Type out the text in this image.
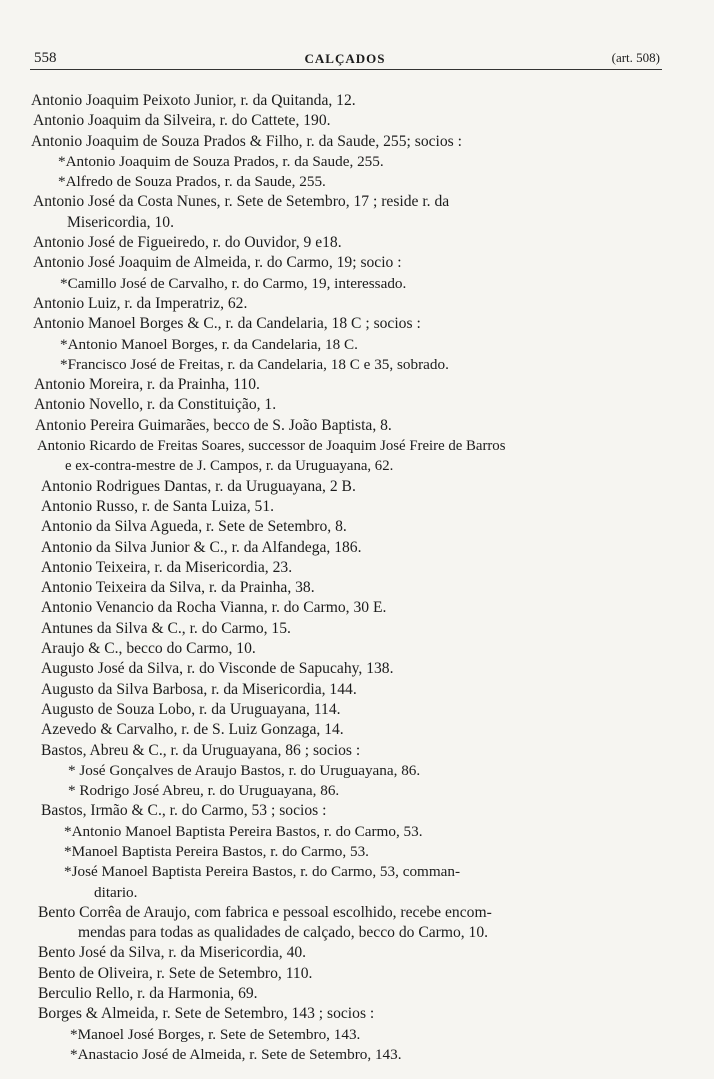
558	CALÇADOS	(art. 508)
Antonio Joaquim Peixoto Junior, r. da Quitanda, 12.
Antonio Joaquim da Silveira, r. do Cattete, 190.
Antonio Joaquim de Souza Prados & Filho, r. da Saude, 255; socios :
*Antonio Joaquim de Souza Prados, r. da Saude, 255.
*Alfredo de Souza Prados, r. da Saude, 255.
Antonio José da Costa Nunes, r. Sete de Setembro, 17 ; reside r. da
Misericordia, 10.
Antonio José de Figueiredo, r. do Ouvidor, 9 e18.
Antonio José Joaquim de Almeida, r. do Carmo, 19; socio :
*Camillo José de Carvalho, r. do Carmo, 19, interessado.
Antonio Luiz, r. da Imperatriz, 62.
Antonio Manoel Borges & C., r. da Candelaria, 18 C ; socios :
*Antonio Manoel Borges, r. da Candelaria, 18 C.
*Francisco José de Freitas, r. da Candelaria, 18 C e 35, sobrado.
Antonio Moreira, r. da Prainha, 110.
Antonio Novello, r. da Constituição, 1.
Antonio Pereira Guimarães, becco de S. João Baptista, 8.
Antonio Ricardo de Freitas Soares, successor de Joaquim José Freire de Barros
e ex-contra-mestre de J. Campos, r. da Uruguayana, 62.
Antonio Rodrigues Dantas, r. da Uruguayana, 2 B.
Antonio Russo, r. de Santa Luiza, 51.
Antonio da Silva Agueda, r. Sete de Setembro, 8.
Antonio da Silva Junior & C., r. da Alfandega, 186.
Antonio Teixeira, r. da Misericordia, 23.
Antonio Teixeira da Silva, r. da Prainha, 38.
Antonio Venancio da Rocha Vianna, r. do Carmo, 30 E.
Antunes da Silva & C., r. do Carmo, 15.
Araujo & C., becco do Carmo, 10.
Augusto José da Silva, r. do Visconde de Sapucahy, 138.
Augusto da Silva Barbosa, r. da Misericordia, 144.
Augusto de Souza Lobo, r. da Uruguayana, 114.
Azevedo & Carvalho, r. de S. Luiz Gonzaga, 14.
Bastos, Abreu & C., r. da Uruguayana, 86 ; socios :
* José Gonçalves de Araujo Bastos, r. do Uruguayana, 86.
* Rodrigo José Abreu, r. do Uruguayana, 86.
Bastos, Irmão & C., r. do Carmo, 53 ; socios :
*Antonio Manoel Baptista Pereira Bastos, r. do Carmo, 53.
*Manoel Baptista Pereira Bastos, r. do Carmo, 53.
*José Manoel Baptista Pereira Bastos, r. do Carmo, 53, comman-
ditario.
Bento Corrêa de Araujo, com fabrica e pessoal escolhido, recebe encom-
mendas para todas as qualidades de calçado, becco do Carmo, 10.
Bento José da Silva, r. da Misericordia, 40.
Bento de Oliveira, r. Sete de Setembro, 110.
Berculio Rello, r. da Harmonia, 69.
Borges & Almeida, r. Sete de Setembro, 143 ; socios :
*Manoel José Borges, r. Sete de Setembro, 143.
*Anastacio José de Almeida, r. Sete de Setembro, 143.
